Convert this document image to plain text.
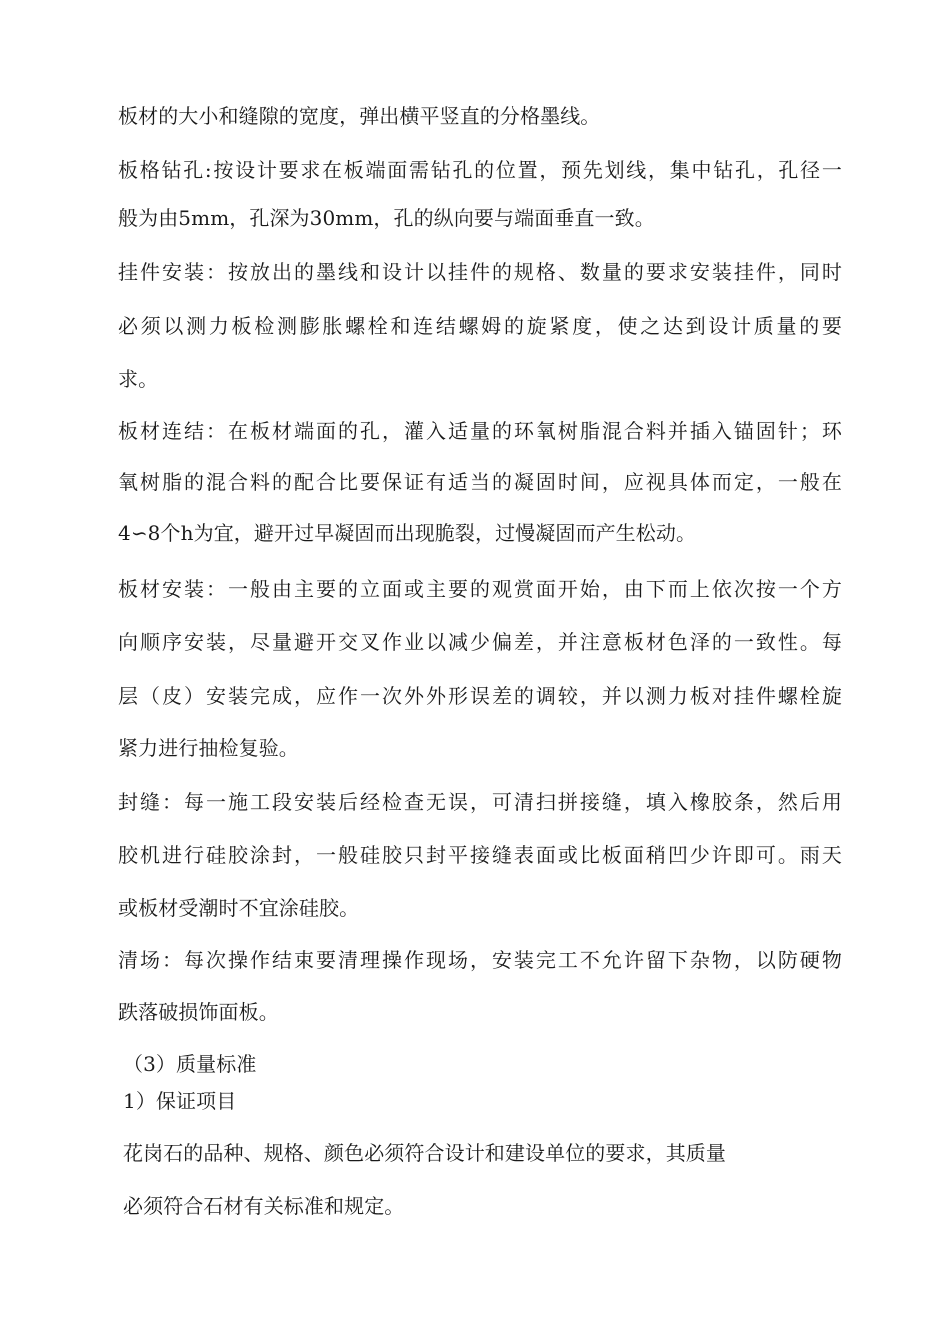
板材的大小和缝隙的宽度，弹出横平竖直的分格墨线。
板格钻孔:按设计要求在板端面需钻孔的位置，预先划线，集中钻孔，孔径一
般为由5mm，孔深为30mm，孔的纵向要与端面垂直一致。
挂件安装：按放出的墨线和设计以挂件的规格、数量的要求安装挂件，同时
必须以测力板检测膨胀螺栓和连结螺姆的旋紧度，使之达到设计质量的要
求。
板材连结：在板材端面的孔，灌入适量的环氧树脂混合料并插入锚固针；环
氧树脂的混合料的配合比要保证有适当的凝固时间，应视具体而定，一般在
4∽8个h为宜，避开过早凝固而出现脆裂，过慢凝固而产生松动。
板材安装：一般由主要的立面或主要的观赏面开始，由下而上依次按一个方
向顺序安装，尽量避开交叉作业以减少偏差，并注意板材色泽的一致性。每
层（皮）安装完成，应作一次外外形误差的调较，并以测力板对挂件螺栓旋
紧力进行抽检复验。
封缝：每一施工段安装后经检查无误，可清扫拼接缝，填入橡胶条，然后用
胶机进行硅胶涂封，一般硅胶只封平接缝表面或比板面稍凹少许即可。雨天
或板材受潮时不宜涂硅胶。
清场：每次操作结束要清理操作现场，安装完工不允许留下杂物，以防硬物
跌落破损饰面板。
（3）质量标准
1）保证项目
花岗石的品种、规格、颜色必须符合设计和建设单位的要求，其质量
必须符合石材有关标准和规定。
